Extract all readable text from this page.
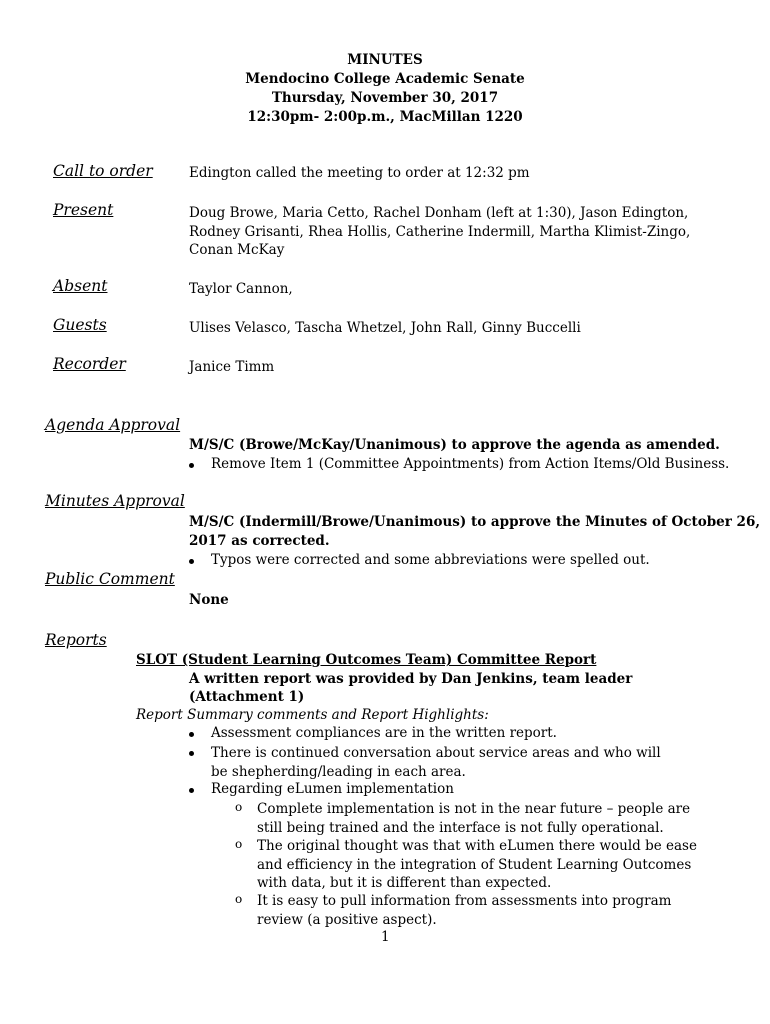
MINUTES
Mendocino College Academic Senate
Thursday, November 30, 2017
12:30pm- 2:00p.m., MacMillan 1220
Call to order	Edington called the meeting to order at 12:32 pm
Present	Doug Browe, Maria Cetto, Rachel Donham (left at 1:30), Jason Edington, Rodney Grisanti, Rhea Hollis, Catherine Indermill, Martha Klimist-Zingo, Conan McKay
Absent	Taylor Cannon,
Guests	Ulises Velasco, Tascha Whetzel, John Rall, Ginny Buccelli
Recorder	Janice Timm
Agenda Approval
M/S/C (Browe/McKay/Unanimous) to approve the agenda as amended.
Remove Item 1 (Committee Appointments) from Action Items/Old Business.
Minutes Approval
M/S/C (Indermill/Browe/Unanimous) to approve the Minutes of October 26,
2017 as corrected.
Typos were corrected and some abbreviations were spelled out.
Public Comment
None
Reports
SLOT (Student Learning Outcomes Team) Committee Report
A written report was provided by Dan Jenkins, team leader
(Attachment 1)
Report Summary comments and Report Highlights:
Assessment compliances are in the written report.
There is continued conversation about service areas and who will be shepherding/leading in each area.
Regarding eLumen implementation
o Complete implementation is not in the near future – people are still being trained and the interface is not fully operational.
o The original thought was that with eLumen there would be ease and efficiency in the integration of Student Learning Outcomes with data, but it is different than expected.
o It is easy to pull information from assessments into program review (a positive aspect).
1
